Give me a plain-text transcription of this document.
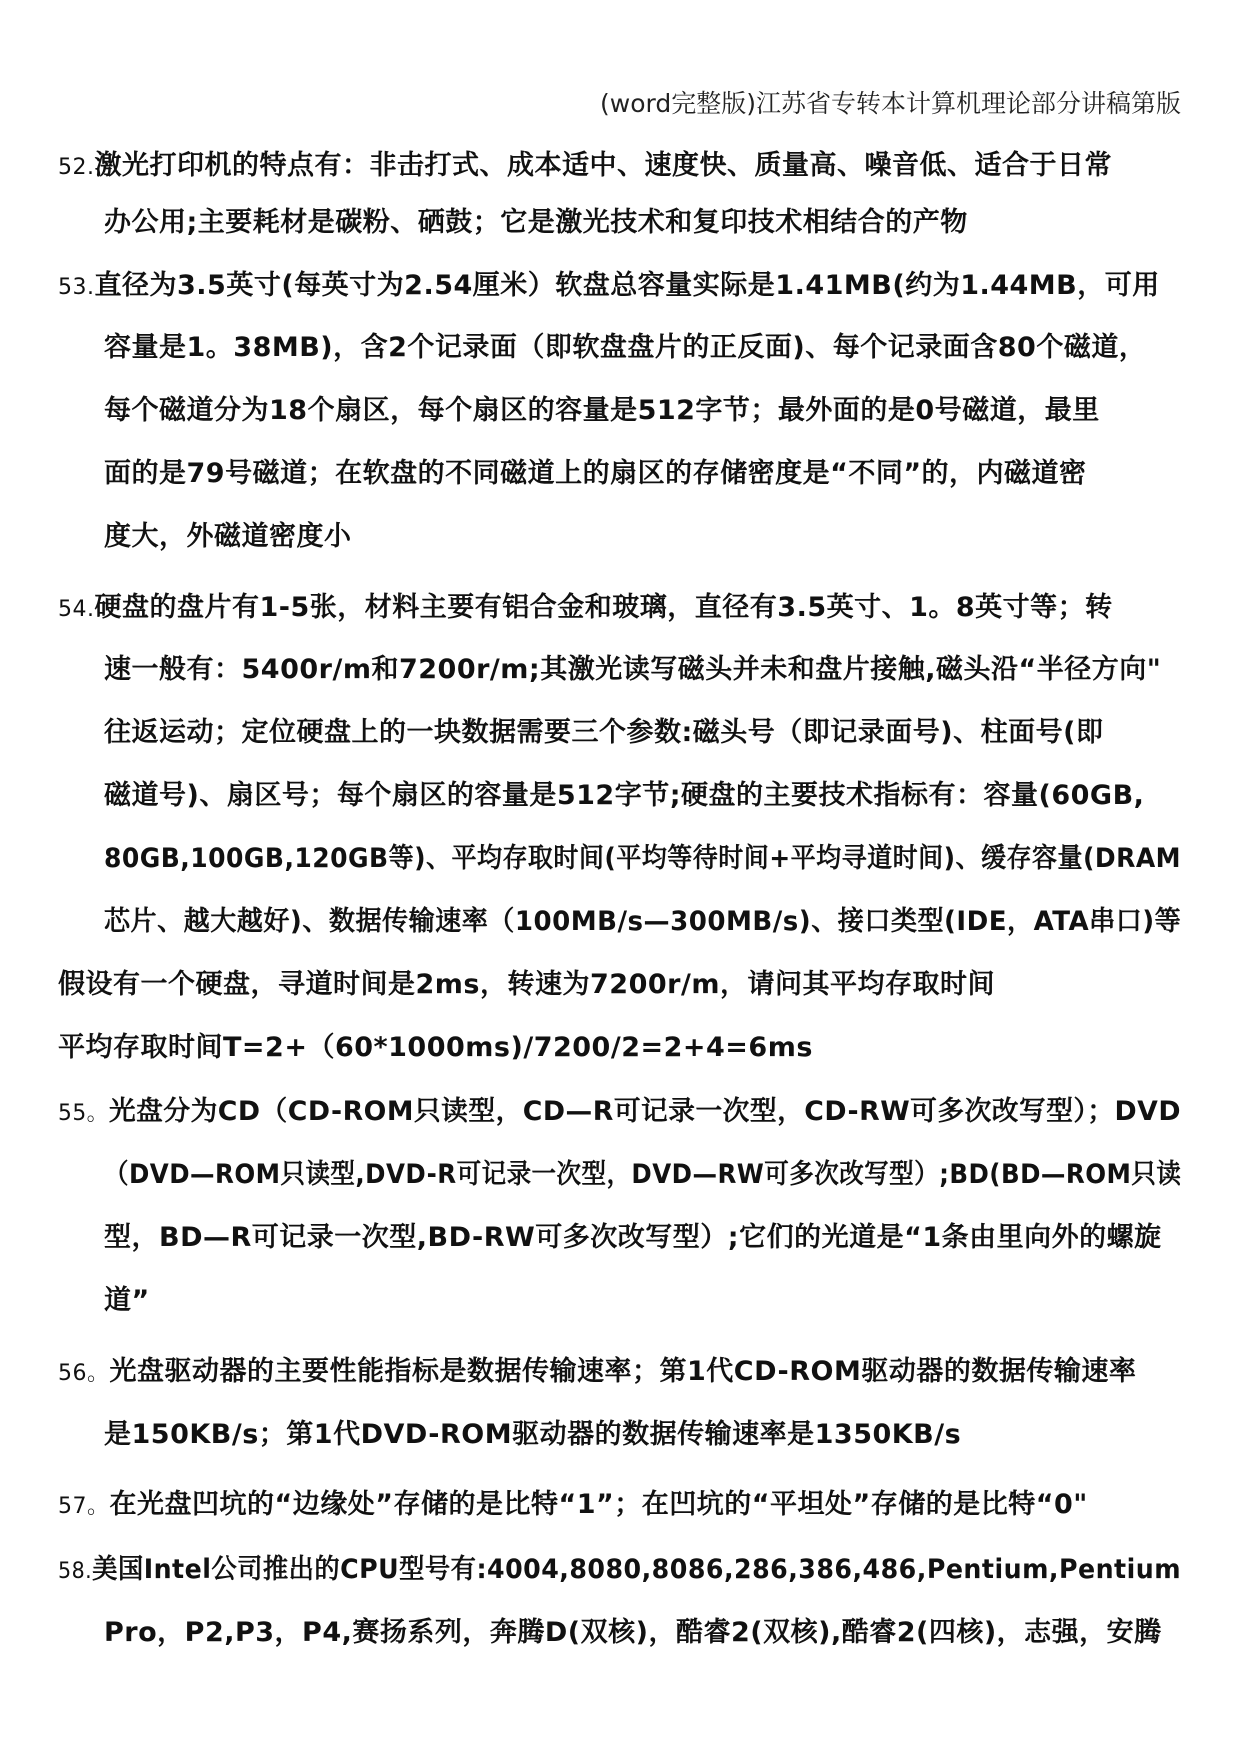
(word完整版)江苏省专转本计算机理论部分讲稿第版
52.激光打印机的特点有：非击打式、成本适中、速度快、质量高、噪音低、适合于日常
办公用;主要耗材是碳粉、硒鼓；它是激光技术和复印技术相结合的产物
53.直径为3.5英寸(每英寸为2.54厘米）软盘总容量实际是1.41MB(约为1.44MB，可用
容量是1。38MB)，含2个记录面（即软盘盘片的正反面)、每个记录面含80个磁道，
每个磁道分为18个扇区，每个扇区的容量是512字节；最外面的是0号磁道，最里
面的是79号磁道；在软盘的不同磁道上的扇区的存储密度是“不同”的，内磁道密
度大，外磁道密度小
54.硬盘的盘片有1-5张，材料主要有铝合金和玻璃，直径有3.5英寸、1。8英寸等；转
速一般有：5400r/m和7200r/m;其激光读写磁头并未和盘片接触,磁头沿“半径方向"
往返运动；定位硬盘上的一块数据需要三个参数:磁头号（即记录面号)、柱面号(即
磁道号)、扇区号；每个扇区的容量是512字节;硬盘的主要技术指标有：容量(60GB,
80GB,100GB,120GB等)、平均存取时间(平均等待时间+平均寻道时间)、缓存容量(DRAM
芯片、越大越好)、数据传输速率（100MB/s—300MB/s)、接口类型(IDE，ATA串口)等
假设有一个硬盘，寻道时间是2ms，转速为7200r/m，请问其平均存取时间
平均存取时间T=2+（60*1000ms)/7200/2=2+4=6ms
55。光盘分为CD（CD-ROM只读型，CD—R可记录一次型，CD-RW可多次改写型）；DVD
（DVD—ROM只读型,DVD-R可记录一次型，DVD—RW可多次改写型）;BD(BD—ROM只读
型，BD—R可记录一次型,BD-RW可多次改写型）;它们的光道是“1条由里向外的螺旋
道”
56。光盘驱动器的主要性能指标是数据传输速率；第1代CD-ROM驱动器的数据传输速率
是150KB/s；第1代DVD-ROM驱动器的数据传输速率是1350KB/s
57。在光盘凹坑的“边缘处”存储的是比特“1”；在凹坑的“平坦处”存储的是比特“0"
58.美国Intel公司推出的CPU型号有:4004,8080,8086,286,386,486,Pentium,Pentium
Pro，P2,P3，P4,赛扬系列，奔腾D(双核)，酷睿2(双核),酷睿2(四核)，志强，安腾
